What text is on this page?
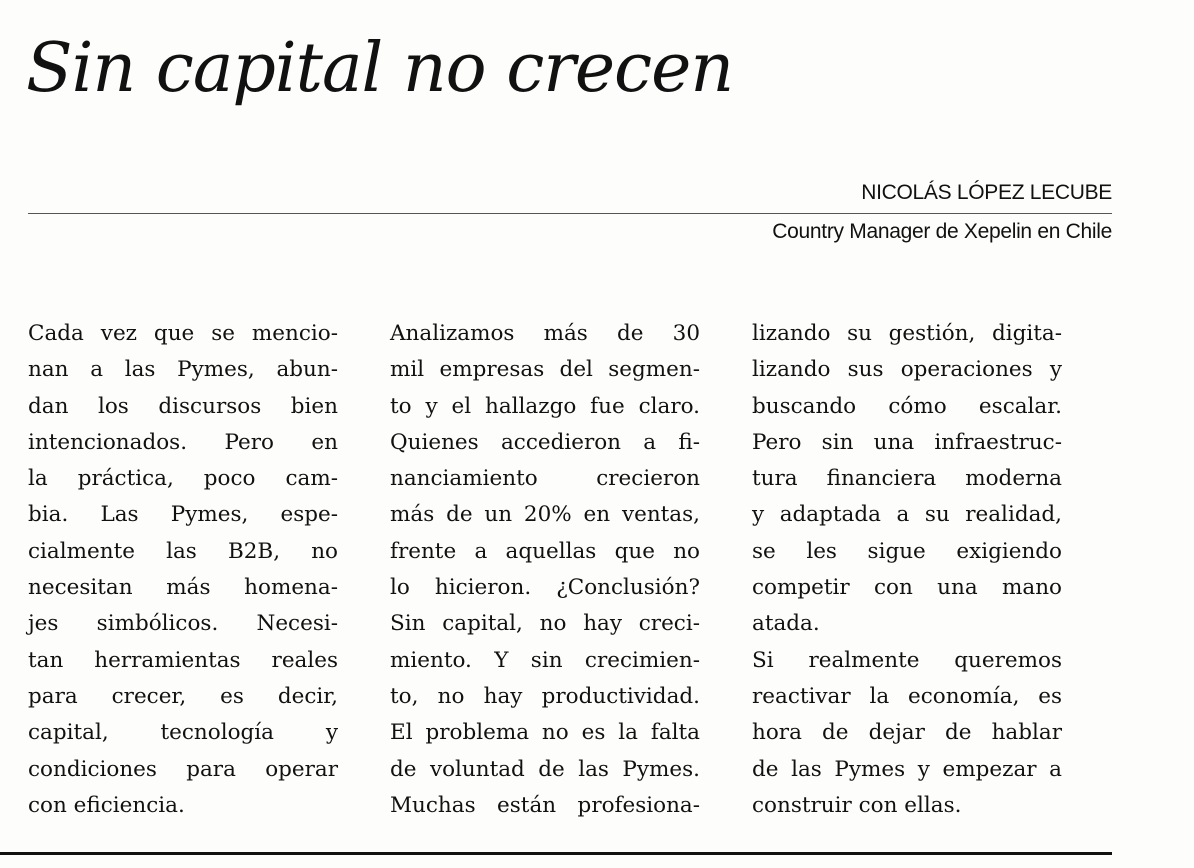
Sin capital no crecen
NICOLÁS LÓPEZ LECUBE
Country Manager de Xepelin en Chile
Cada vez que se mencio-
nan a las Pymes, abun-
dan los discursos bien
intencionados. Pero en
la práctica, poco cam-
bia. Las Pymes, espe-
cialmente las B2B, no
necesitan más homena-
jes simbólicos. Necesi-
tan herramientas reales
para crecer, es decir,
capital, tecnología y
condiciones para operar
con eficiencia.
Analizamos más de 30
mil empresas del segmen-
to y el hallazgo fue claro.
Quienes accedieron a fi-
nanciamiento crecieron
más de un 20% en ventas,
frente a aquellas que no
lo hicieron. ¿Conclusión?
Sin capital, no hay creci-
miento. Y sin crecimien-
to, no hay productividad.
El problema no es la falta
de voluntad de las Pymes.
Muchas están profesiona-
lizando su gestión, digita-
lizando sus operaciones y
buscando cómo escalar.
Pero sin una infraestruc-
tura financiera moderna
y adaptada a su realidad,
se les sigue exigiendo
competir con una mano
atada.
Si realmente queremos
reactivar la economía, es
hora de dejar de hablar
de las Pymes y empezar a
construir con ellas.
